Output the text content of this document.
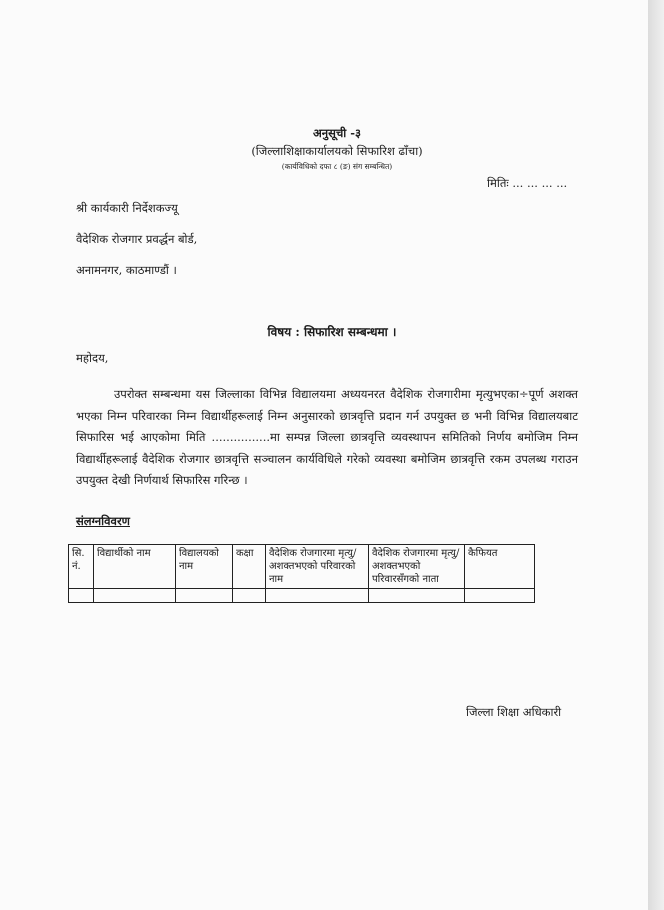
अनुसूची -३
(जिल्लाशिक्षाकार्यालयको सिफारिश ढाँचा)
(कार्यविधिको दफा ८ (ङ) संग सम्बन्धित)
मितिः ... ... ... ...
श्री कार्यकारी निर्देशकज्यू
वैदेशिक रोजगार प्रवर्द्धन बोर्ड,
अनामनगर, काठमाण्डौं ।
विषय : सिफारिश सम्बन्धमा ।
महोदय,
उपरोक्त सम्बन्धमा यस जिल्लाका विभिन्न विद्यालयमा अध्ययनरत वैदेशिक रोजगारीमा मृत्युभएका÷पूर्ण अशक्त भएका निम्न परिवारका निम्न विद्यार्थीहरूलाई निम्न अनुसारको छात्रवृत्ति प्रदान गर्न उपयुक्त छ भनी विभिन्न विद्यालयबाट सिफारिस भई आएकोमा मिति ................मा सम्पन्न जिल्ला छात्रवृत्ति व्यवस्थापन समितिको निर्णय बमोजिम निम्न विद्यार्थीहरूलाई वैदेशिक रोजगार छात्रवृत्ति सञ्चालन कार्यविधिले गरेको व्यवस्था बमोजिम छात्रवृत्ति रकम उपलब्ध गराउन उपयुक्त देखी निर्णयार्थ सिफारिस गरिन्छ ।
संलग्नविवरण
सि. नं.	विद्यार्थीको नाम	विद्यालयको नाम	कक्षा	वैदेशिक रोजगारमा मृत्यु/अशक्तभएको परिवारको नाम	वैदेशिक रोजगारमा मृत्यु/अशक्तभएको परिवारसँगको नाता	कैफियत

जिल्ला शिक्षा अधिकारी
